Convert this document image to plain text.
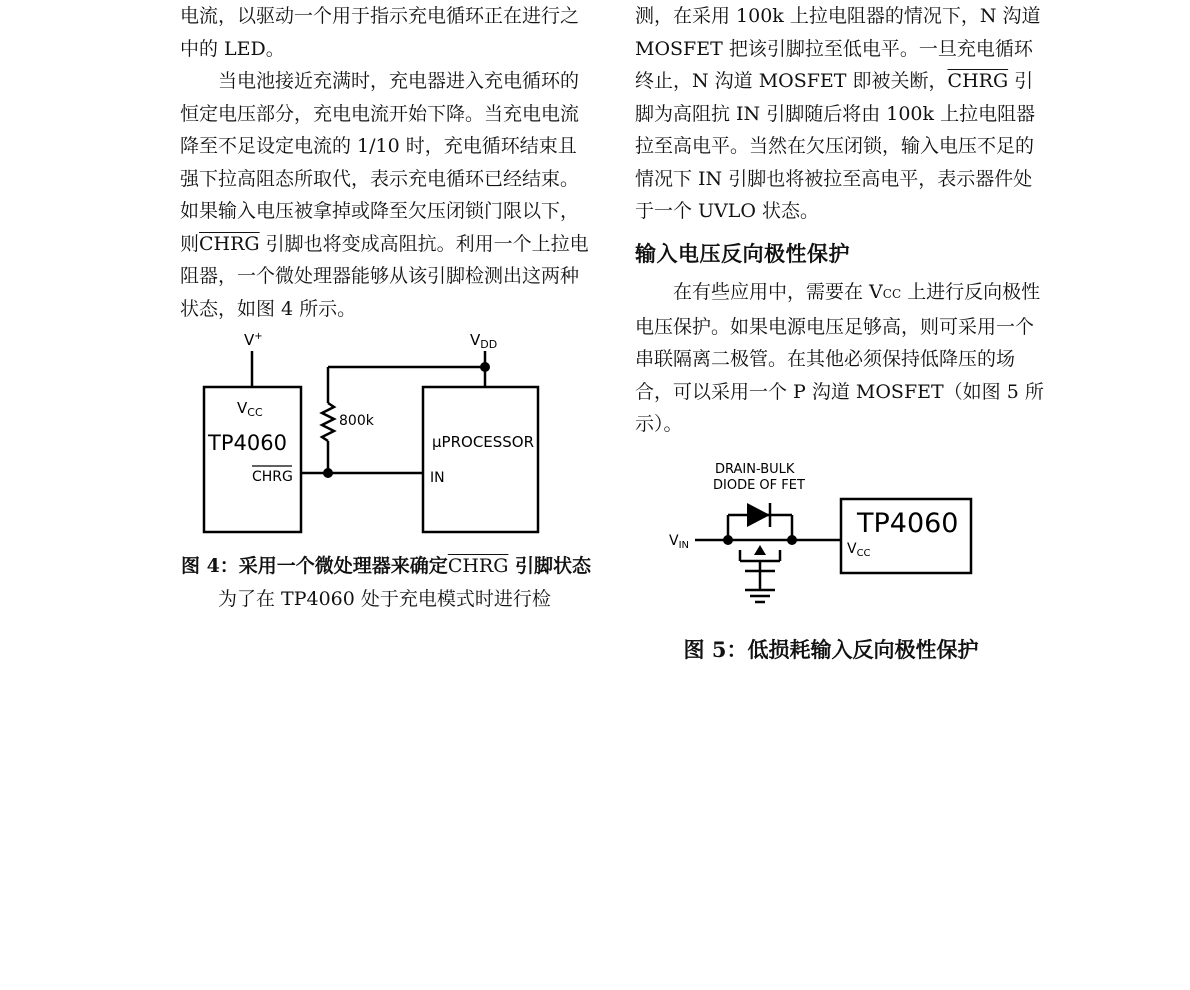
电流，以驱动一个用于指示充电循环正在进行之中的 LED。

当电池接近充满时，充电器进入充电循环的恒定电压部分，充电电流开始下降。当充电电流降至不足设定电流的 1/10 时，充电循环结束且强下拉高阻态所取代，表示充电循环已经结束。如果输入电压被拿掉或降至欠压闭锁门限以下，则CHRG 引脚也将变成高阻抗。利用一个上拉电阻器，一个微处理器能够从该引脚检测出这两种状态，如图 4 所示。

V+	$V_{DD}$
$V_{CC}$
TP4060
CHRG
800k
μPROCESSOR
IN

图 4：采用一个微处理器来确定CHRG 引脚状态

为了在 TP4060 处于充电模式时进行检

测，在采用 100k 上拉电阻器的情况下，N 沟道 MOSFET 把该引脚拉至低电平。一旦充电循环终止，N 沟道 MOSFET 即被关断，CHRG 引脚为高阻抗 IN 引脚随后将由 100k 上拉电阻器拉至高电平。当然在欠压闭锁，输入电压不足的情况下 IN 引脚也将被拉至高电平，表示器件处于一个 UVLO 状态。

输入电压反向极性保护

在有些应用中，需要在 VCC 上进行反向极性电压保护。如果电源电压足够高，则可采用一个串联隔离二极管。在其他必须保持低降压的场合，可以采用一个 P 沟道 MOSFET（如图 5 所示）。

DRAIN-BULK
DIODE OF FET
$V_{IN}$
TP4060
$V_{CC}$

图 5：低损耗输入反向极性保护
